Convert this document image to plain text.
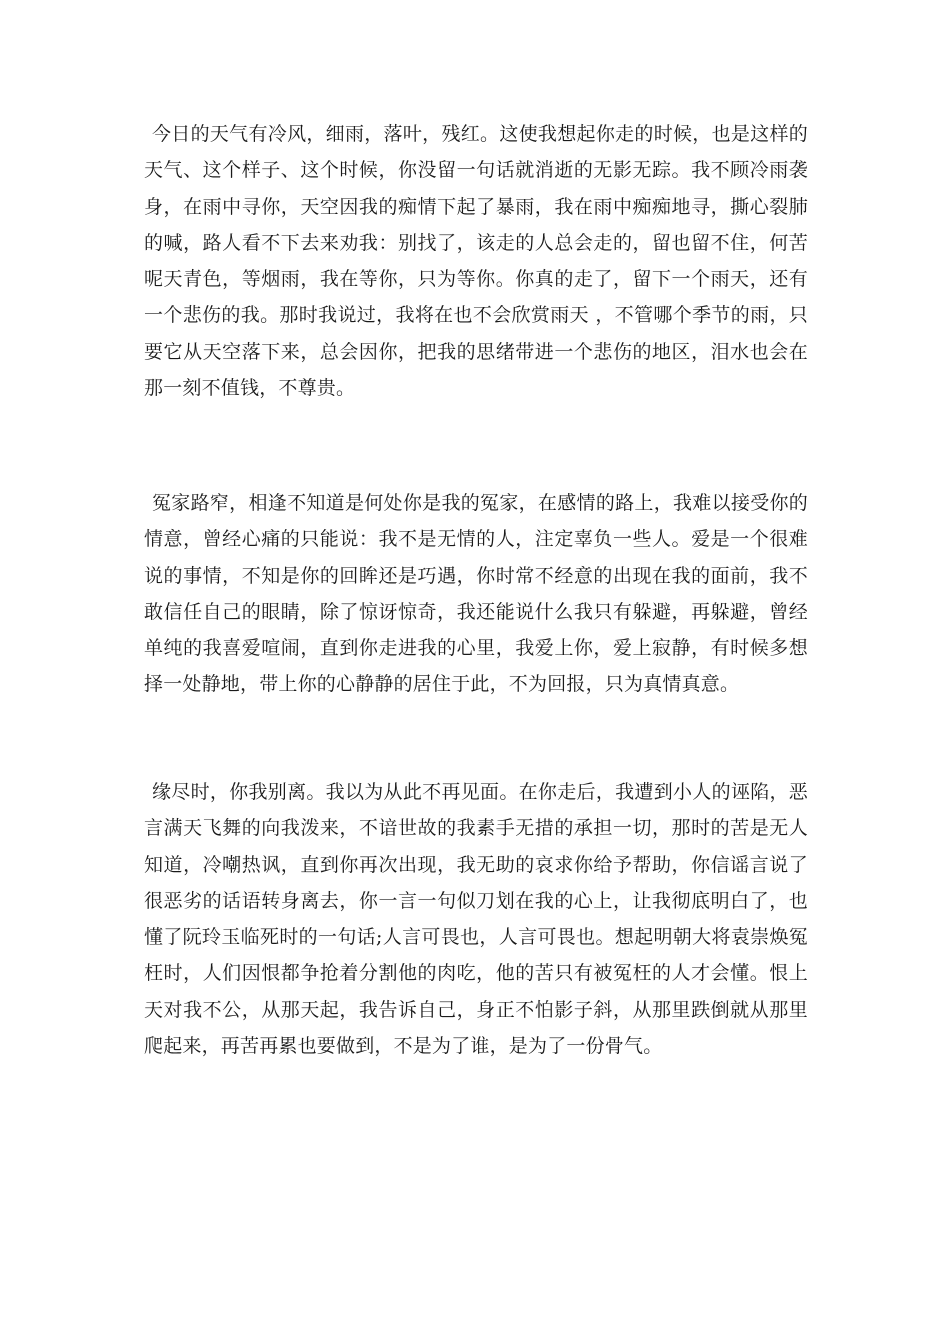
今日的天气有冷风，细雨，落叶，残红。这使我想起你走的时候，也是这样的天气、这个样子、这个时候，你没留一句话就消逝的无影无踪。我不顾冷雨袭身，在雨中寻你，天空因我的痴情下起了暴雨，我在雨中痴痴地寻，撕心裂肺的喊，路人看不下去来劝我：别找了，该走的人总会走的，留也留不住，何苦呢天青色，等烟雨，我在等你，只为等你。你真的走了，留下一个雨天，还有一个悲伤的我。那时我说过，我将在也不会欣赏雨天 ，不管哪个季节的雨，只要它从天空落下来，总会因你，把我的思绪带进一个悲伤的地区，泪水也会在那一刻不值钱，不尊贵。

冤家路窄，相逢不知道是何处你是我的冤家，在感情的路上，我难以接受你的情意，曾经心痛的只能说：我不是无情的人，注定辜负一些人。爱是一个很难说的事情，不知是你的回眸还是巧遇，你时常不经意的出现在我的面前，我不敢信任自己的眼睛，除了惊讶惊奇，我还能说什么我只有躲避，再躲避，曾经单纯的我喜爱喧闹，直到你走进我的心里，我爱上你，爱上寂静，有时候多想择一处静地，带上你的心静静的居住于此，不为回报，只为真情真意。

缘尽时，你我别离。我以为从此不再见面。在你走后，我遭到小人的诬陷，恶言满天飞舞的向我泼来，不谙世故的我素手无措的承担一切，那时的苦是无人知道，冷嘲热讽，直到你再次出现，我无助的哀求你给予帮助，你信谣言说了很恶劣的话语转身离去，你一言一句似刀划在我的心上，让我彻底明白了，也懂了阮玲玉临死时的一句话;人言可畏也，人言可畏也。想起明朝大将袁崇焕冤枉时，人们因恨都争抢着分割他的肉吃，他的苦只有被冤枉的人才会懂。恨上天对我不公，从那天起，我告诉自己，身正不怕影子斜，从那里跌倒就从那里爬起来，再苦再累也要做到，不是为了谁，是为了一份骨气。
